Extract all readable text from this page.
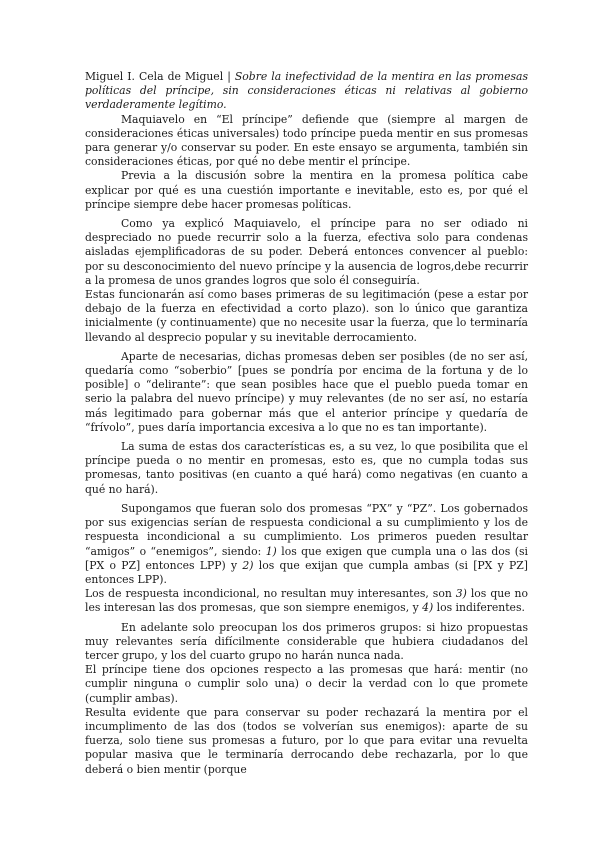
Miguel I. Cela de Miguel | Sobre la inefectividad de la mentira en las promesas políticas del príncipe, sin consideraciones éticas ni relativas al gobierno verdaderamente legítimo.

Maquiavelo en “El príncipe” defiende que (siempre al margen de consideraciones éticas universales) todo príncipe pueda mentir en sus promesas para generar y/o conservar su poder. En este ensayo se argumenta, también sin consideraciones éticas, por qué no debe mentir el príncipe.

Previa a la discusión sobre la mentira en la promesa política cabe explicar por qué es una cuestión importante e inevitable, esto es, por qué el príncipe siempre debe hacer promesas políticas.

Como ya explicó Maquiavelo, el príncipe para no ser odiado ni despreciado no puede recurrir solo a la fuerza, efectiva solo para condenas aisladas ejemplificadoras de su poder. Deberá entonces convencer al pueblo: por su desconocimiento del nuevo príncipe y la ausencia de logros,debe recurrir a la promesa de unos grandes logros que solo él conseguiría.

Estas funcionarán así como bases primeras de su legitimación (pese a estar por debajo de la fuerza en efectividad a corto plazo). son lo único que garantiza inicialmente (y continuamente) que no necesite usar la fuerza, que lo terminaría llevando al desprecio popular y su inevitable derrocamiento.

Aparte de necesarias, dichas promesas deben ser posibles (de no ser así, quedaría como “soberbio” [pues se pondría por encima de la fortuna y de lo posible] o “delirante”: que sean posibles hace que el pueblo pueda tomar en serio la palabra del nuevo príncipe) y muy relevantes (de no ser así, no estaría más legitimado para gobernar más que el anterior príncipe y quedaría de “frívolo”, pues daría importancia excesiva a lo que no es tan importante).

La suma de estas dos características es, a su vez, lo que posibilita que el príncipe pueda o no mentir en promesas, esto es, que no cumpla todas sus promesas, tanto positivas (en cuanto a qué hará) como negativas (en cuanto a qué no hará).

Supongamos que fueran solo dos promesas “PX” y “PZ”. Los gobernados por sus exigencias serían de respuesta condicional a su cumplimiento y los de respuesta incondicional a su cumplimiento. Los primeros pueden resultar “amigos” o “enemigos”, siendo: 1) los que exigen que cumpla una o las dos (si [PX o PZ] entonces LPP) y 2) los que exijan que cumpla ambas (si [PX y PZ] entonces LPP).

Los de respuesta incondicional, no resultan muy interesantes, son 3) los que no les interesan las dos promesas, que son siempre enemigos, y 4) los indiferentes.

En adelante solo preocupan los dos primeros grupos: si hizo propuestas muy relevantes sería difícilmente considerable que hubiera ciudadanos del tercer grupo, y los del cuarto grupo no harán nunca nada.

El príncipe tiene dos opciones respecto a las promesas que hará: mentir (no cumplir ninguna o cumplir solo una) o decir la verdad con lo que promete (cumplir ambas).

Resulta evidente que para conservar su poder rechazará la mentira por el incumplimento de las dos (todos se volverían sus enemigos): aparte de su fuerza, solo tiene sus promesas a futuro, por lo que para evitar una revuelta popular masiva que le terminaría derrocando debe rechazarla, por lo que deberá o bien mentir (porque
